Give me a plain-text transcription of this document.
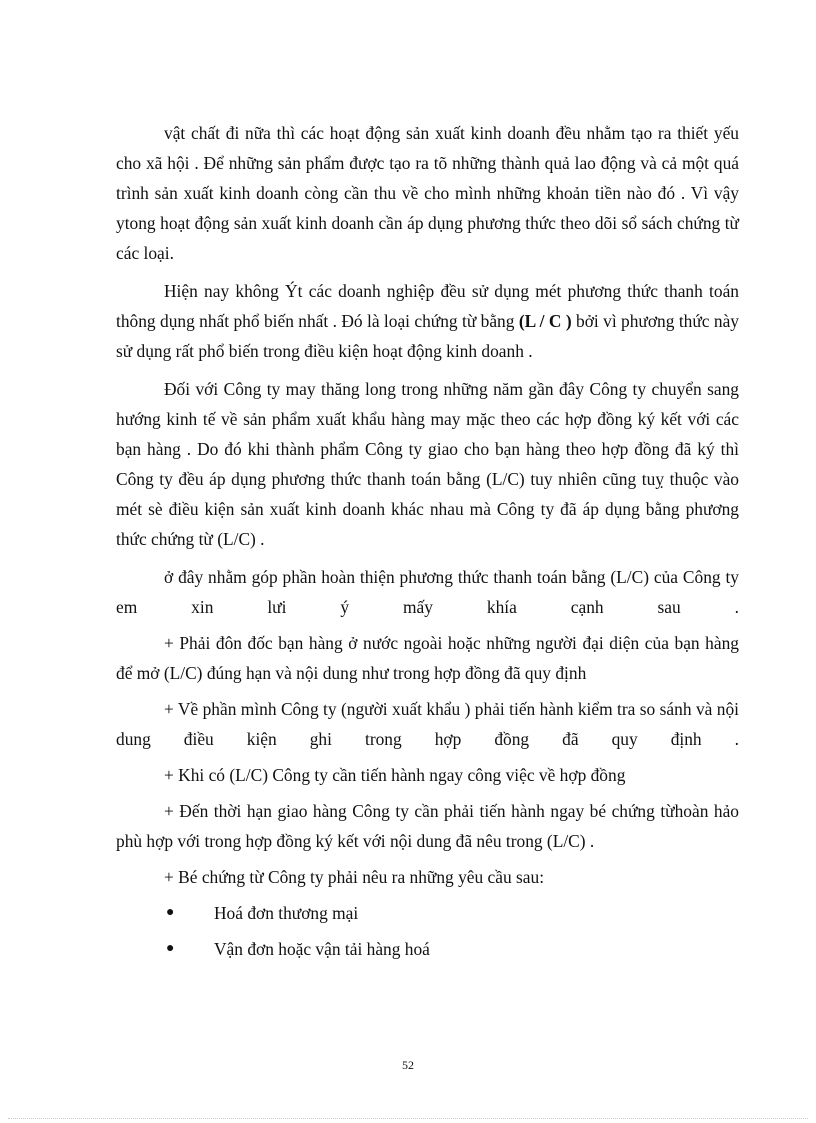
vật chất đi nữa thì các hoạt động sản xuất kinh doanh đều nhằm tạo ra thiết yếu cho xã hội . Để những sản phẩm được tạo ra tõ những thành quả lao động và cả một quá trình sản xuất kinh doanh còng cần thu về cho mình những khoản tiền nào đó . Vì vậy ytong hoạt động sản xuất kinh doanh cần áp dụng phương thức theo dõi sổ sách chứng từ các loại.

Hiện nay không Ýt các doanh nghiệp đều sử dụng mét phương thức thanh toán thông dụng nhất phổ biến nhất . Đó là loại chứng từ bằng (L / C ) bởi vì phương thức này sử dụng rất phổ biến trong điều kiện hoạt động kinh doanh .

Đối với Công ty may thăng long trong những năm gần đây Công ty chuyển sang hướng kinh tế về sản phẩm xuất khẩu hàng may mặc theo các hợp đồng ký kết với các bạn hàng . Do đó khi thành phẩm Công ty giao cho bạn hàng theo hợp đồng đã ký thì Công ty đều áp dụng phương thức thanh toán bằng (L/C) tuy nhiên cũng tuỵ thuộc vào mét sè điều kiện sản xuất kinh doanh khác nhau mà Công ty đã áp dụng bằng phương thức chứng từ (L/C) .

ở đây nhằm góp phần hoàn thiện phương thức thanh toán bằng (L/C) của Công ty em xin lưi ý mấy khía cạnh sau .

+ Phải đôn đốc bạn hàng ở nước ngoài hoặc những người đại diện của bạn hàng để mở (L/C) đúng hạn và nội dung như trong hợp đồng đã quy định

+ Về phần mình Công ty (người xuất khẩu ) phải tiến hành kiểm tra so sánh và nội dung điều kiện ghi trong hợp đồng đã quy định .

+ Khi có (L/C) Công ty cần tiến hành ngay công việc về hợp đồng

+ Đến thời hạn giao hàng Công ty cần phải tiến hành ngay bé chứng từhoàn hảo phù hợp với trong hợp đồng ký kết với nội dung đã nêu trong (L/C) .

+ Bé chứng từ Công ty phải nêu ra những yêu cầu sau:

●	Hoá đơn thương mại
●	Vận đơn hoặc vận tải hàng hoá
52
